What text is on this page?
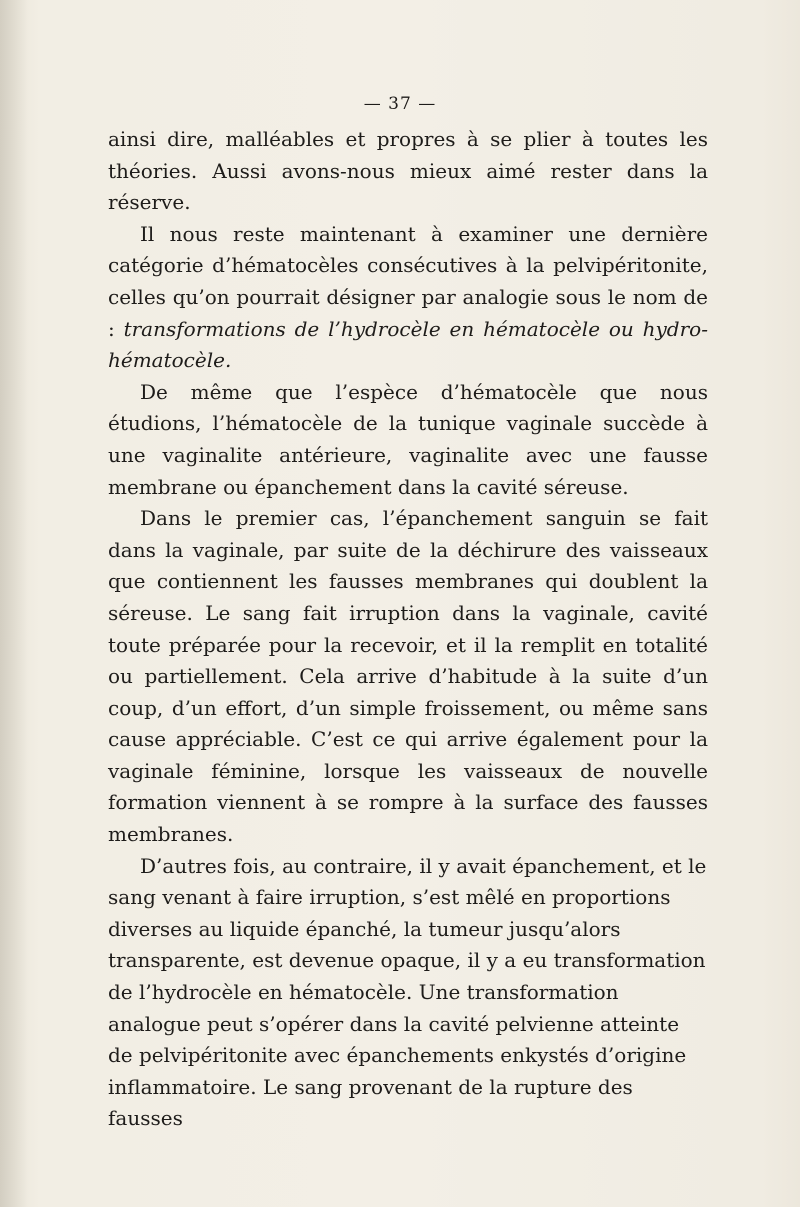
— 37 —

ainsi dire, malléables et propres à se plier à toutes les théories. Aussi avons-nous mieux aimé rester dans la réserve.

Il nous reste maintenant à examiner une dernière catégorie d’hématocèles consécutives à la pelvipéritonite, celles qu’on pourrait désigner par analogie sous le nom de : transformations de l’hydrocèle en hématocèle ou hydro-hématocèle.

De même que l’espèce d’hématocèle que nous étudions, l’hématocèle de la tunique vaginale succède à une vaginalite antérieure, vaginalite avec une fausse membrane ou épanchement dans la cavité séreuse.

Dans le premier cas, l’épanchement sanguin se fait dans la vaginale, par suite de la déchirure des vaisseaux que contiennent les fausses membranes qui doublent la séreuse. Le sang fait irruption dans la vaginale, cavité toute préparée pour la recevoir, et il la remplit en totalité ou partiellement. Cela arrive d’habitude à la suite d’un coup, d’un effort, d’un simple froissement, ou même sans cause appréciable. C’est ce qui arrive également pour la vaginale féminine, lorsque les vaisseaux de nouvelle formation viennent à se rompre à la surface des fausses membranes.

D’autres fois, au contraire, il y avait épanchement, et le sang venant à faire irruption, s’est mêlé en proportions diverses au liquide épanché, la tumeur jusqu’alors transparente, est devenue opaque, il y a eu transformation de l’hydrocèle en hématocèle. Une transformation analogue peut s’opérer dans la cavité pelvienne atteinte de pelvipéritonite avec épanchements enkystés d’origine inflammatoire. Le sang provenant de la rupture des fausses
